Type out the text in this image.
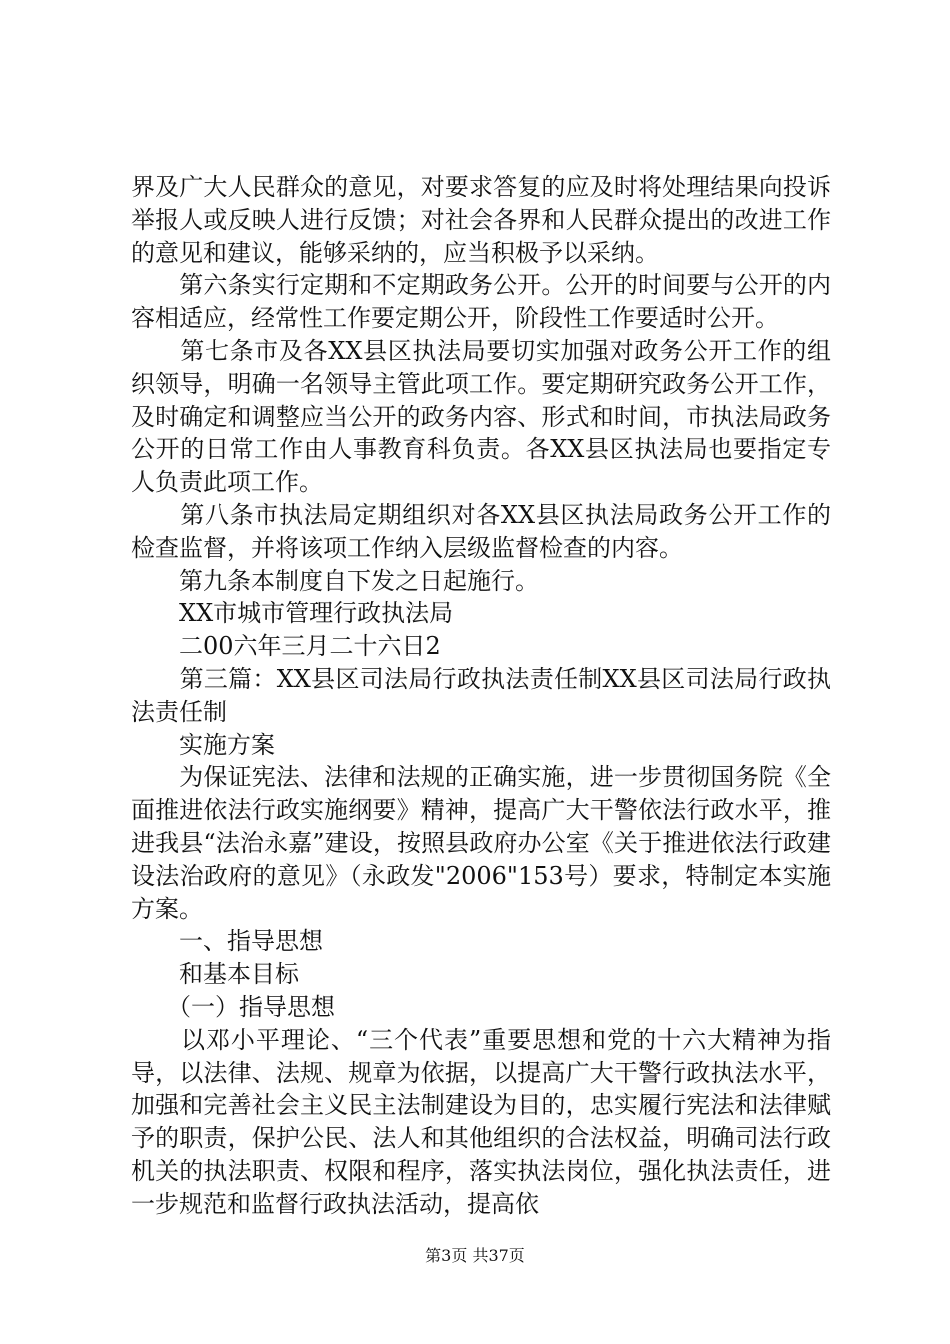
界及广大人民群众的意见，对要求答复的应及时将处理结果向投诉举报人或反映人进行反馈；对社会各界和人民群众提出的改进工作的意见和建议，能够采纳的，应当积极予以采纳。

　　第六条实行定期和不定期政务公开。公开的时间要与公开的内容相适应，经常性工作要定期公开，阶段性工作要适时公开。

　　第七条市及各XX县区执法局要切实加强对政务公开工作的组织领导，明确一名领导主管此项工作。要定期研究政务公开工作，及时确定和调整应当公开的政务内容、形式和时间，市执法局政务公开的日常工作由人事教育科负责。各XX县区执法局也要指定专人负责此项工作。

　　第八条市执法局定期组织对各XX县区执法局政务公开工作的检查监督，并将该项工作纳入层级监督检查的内容。

　　第九条本制度自下发之日起施行。

　　XX市城市管理行政执法局

　　二00六年三月二十六日2

　　第三篇：XX县区司法局行政执法责任制XX县区司法局行政执法责任制

　　实施方案

　　为保证宪法、法律和法规的正确实施，进一步贯彻国务院《全面推进依法行政实施纲要》精神，提高广大干警依法行政水平，推进我县“法治永嘉”建设，按照县政府办公室《关于推进依法行政建设法治政府的意见》（永政发"2006"153号）要求，特制定本实施方案。

　　一、指导思想

　　和基本目标

　　（一）指导思想

　　以邓小平理论、“三个代表”重要思想和党的十六大精神为指导，以法律、法规、规章为依据，以提高广大干警行政执法水平，加强和完善社会主义民主法制建设为目的，忠实履行宪法和法律赋予的职责，保护公民、法人和其他组织的合法权益，明确司法行政机关的执法职责、权限和程序，落实执法岗位，强化执法责任，进一步规范和监督行政执法活动，提高依

第3页 共37页
